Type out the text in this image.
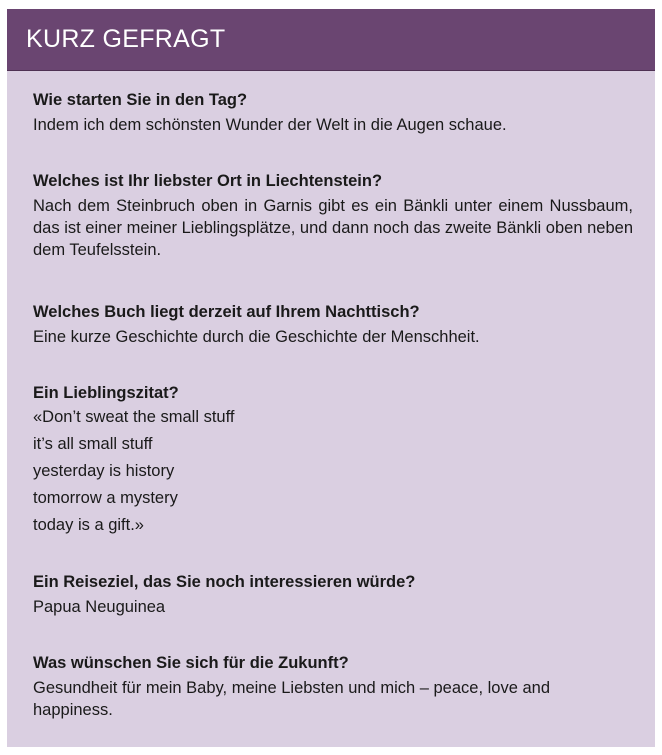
KURZ GEFRAGT
Wie starten Sie in den Tag?
Indem ich dem schönsten Wunder der Welt in die Augen schaue.
Welches ist Ihr liebster Ort in Liechtenstein?
Nach dem Steinbruch oben in Garnis gibt es ein Bänkli unter einem Nussbaum, das ist einer meiner Lieblingsplätze, und dann noch das zweite Bänkli oben neben dem Teufelsstein.
Welches Buch liegt derzeit auf Ihrem Nachttisch?
Eine kurze Geschichte durch die Geschichte der Menschheit.
Ein Lieblingszitat?
«Don’t sweat the small stuff
it’s all small stuff
yesterday is history
tomorrow a mystery
today is a gift.»
Ein Reiseziel, das Sie noch interessieren würde?
Papua Neuguinea
Was wünschen Sie sich für die Zukunft?
Gesundheit für mein Baby, meine Liebsten und mich – peace, love and happiness.
